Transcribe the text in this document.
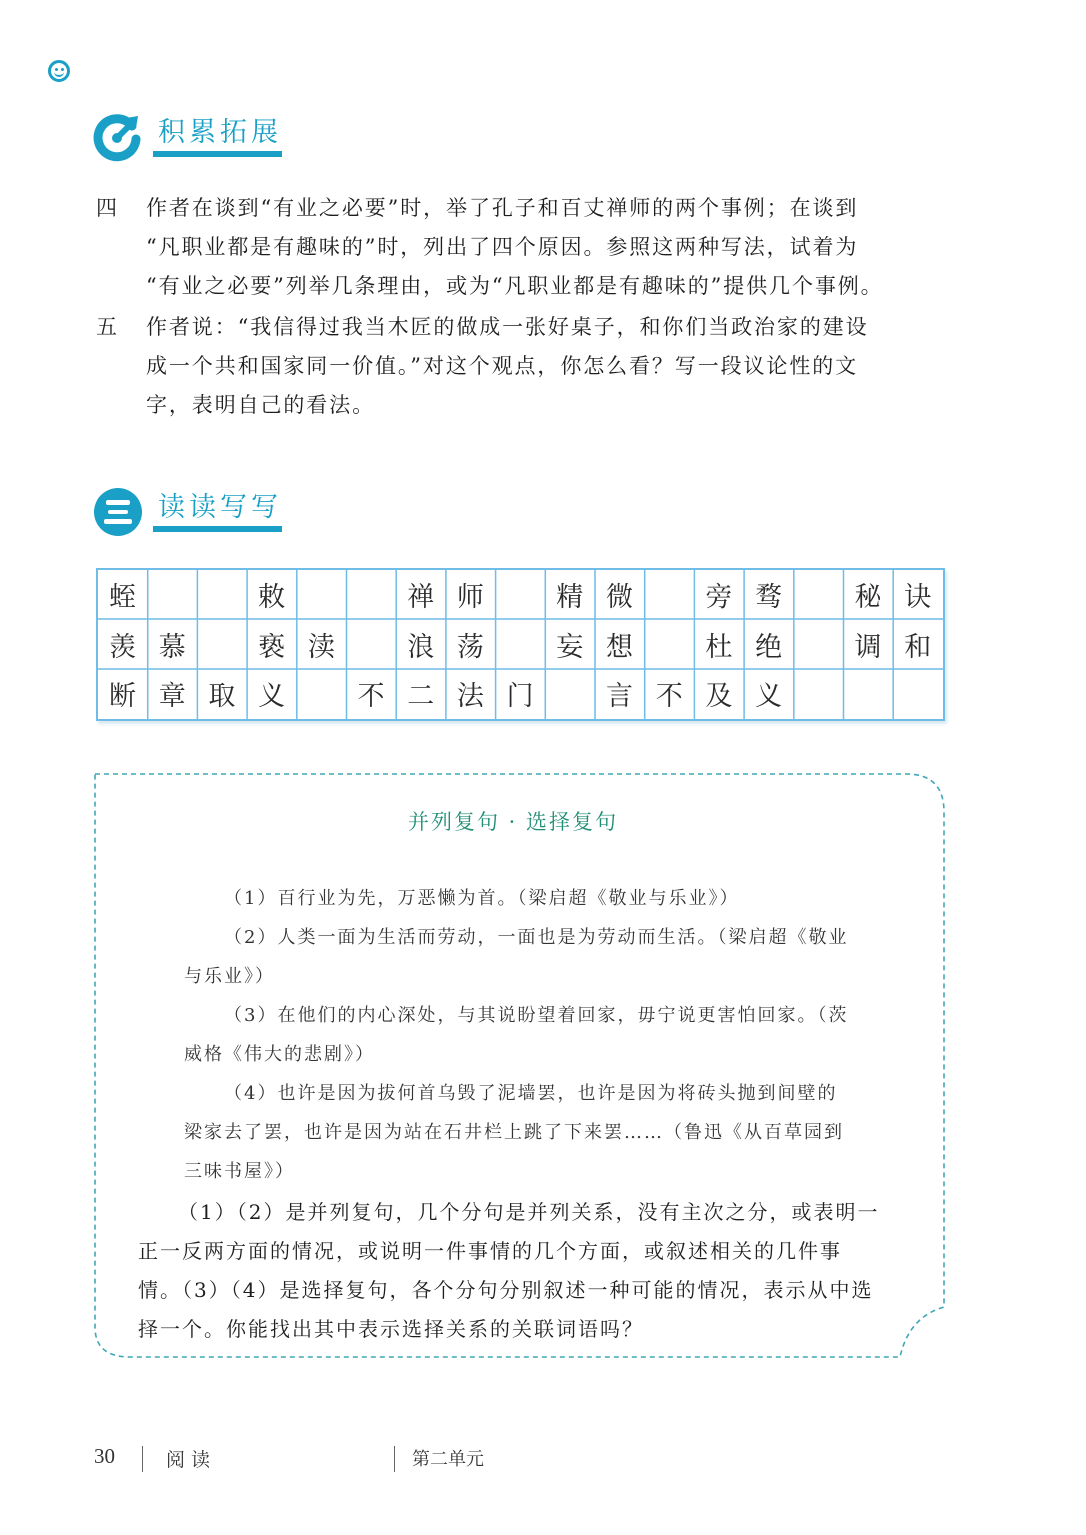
积累拓展
四 作者在谈到“有业之必要”时，举了孔子和百丈禅师的两个事例；在谈到
“凡职业都是有趣味的”时，列出了四个原因。参照这两种写法，试着为
“有业之必要”列举几条理由，或为“凡职业都是有趣味的”提供几个事例。
五 作者说：“我信得过我当木匠的做成一张好桌子，和你们当政治家的建设
成一个共和国家同一价值。”对这个观点，你怎么看？写一段议论性的文
字，表明自己的看法。
读读写写
蛭	敕	禅 师	精 微	旁 骛	秘 诀
羡 慕	亵 渎	浪 荡	妄 想	杜 绝	调 和
断 章 取 义	不 二 法 门	言 不 及 义
并列复句 · 选择复句
（1）百行业为先，万恶懒为首。（梁启超《敬业与乐业》）
（2）人类一面为生活而劳动，一面也是为劳动而生活。（梁启超《敬业
与乐业》）
（3）在他们的内心深处，与其说盼望着回家，毋宁说更害怕回家。（茨
威格《伟大的悲剧》）
（4）也许是因为拔何首乌毁了泥墙罢，也许是因为将砖头抛到间壁的
梁家去了罢，也许是因为站在石井栏上跳了下来罢……（鲁迅《从百草园到
三味书屋》）
（1）（2）是并列复句，几个分句是并列关系，没有主次之分，或表明一
正一反两方面的情况，或说明一件事情的几个方面，或叙述相关的几件事
情。（3）（4）是选择复句，各个分句分别叙述一种可能的情况，表示从中选
择一个。你能找出其中表示选择关系的关联词语吗？
30	阅 读	第二单元
